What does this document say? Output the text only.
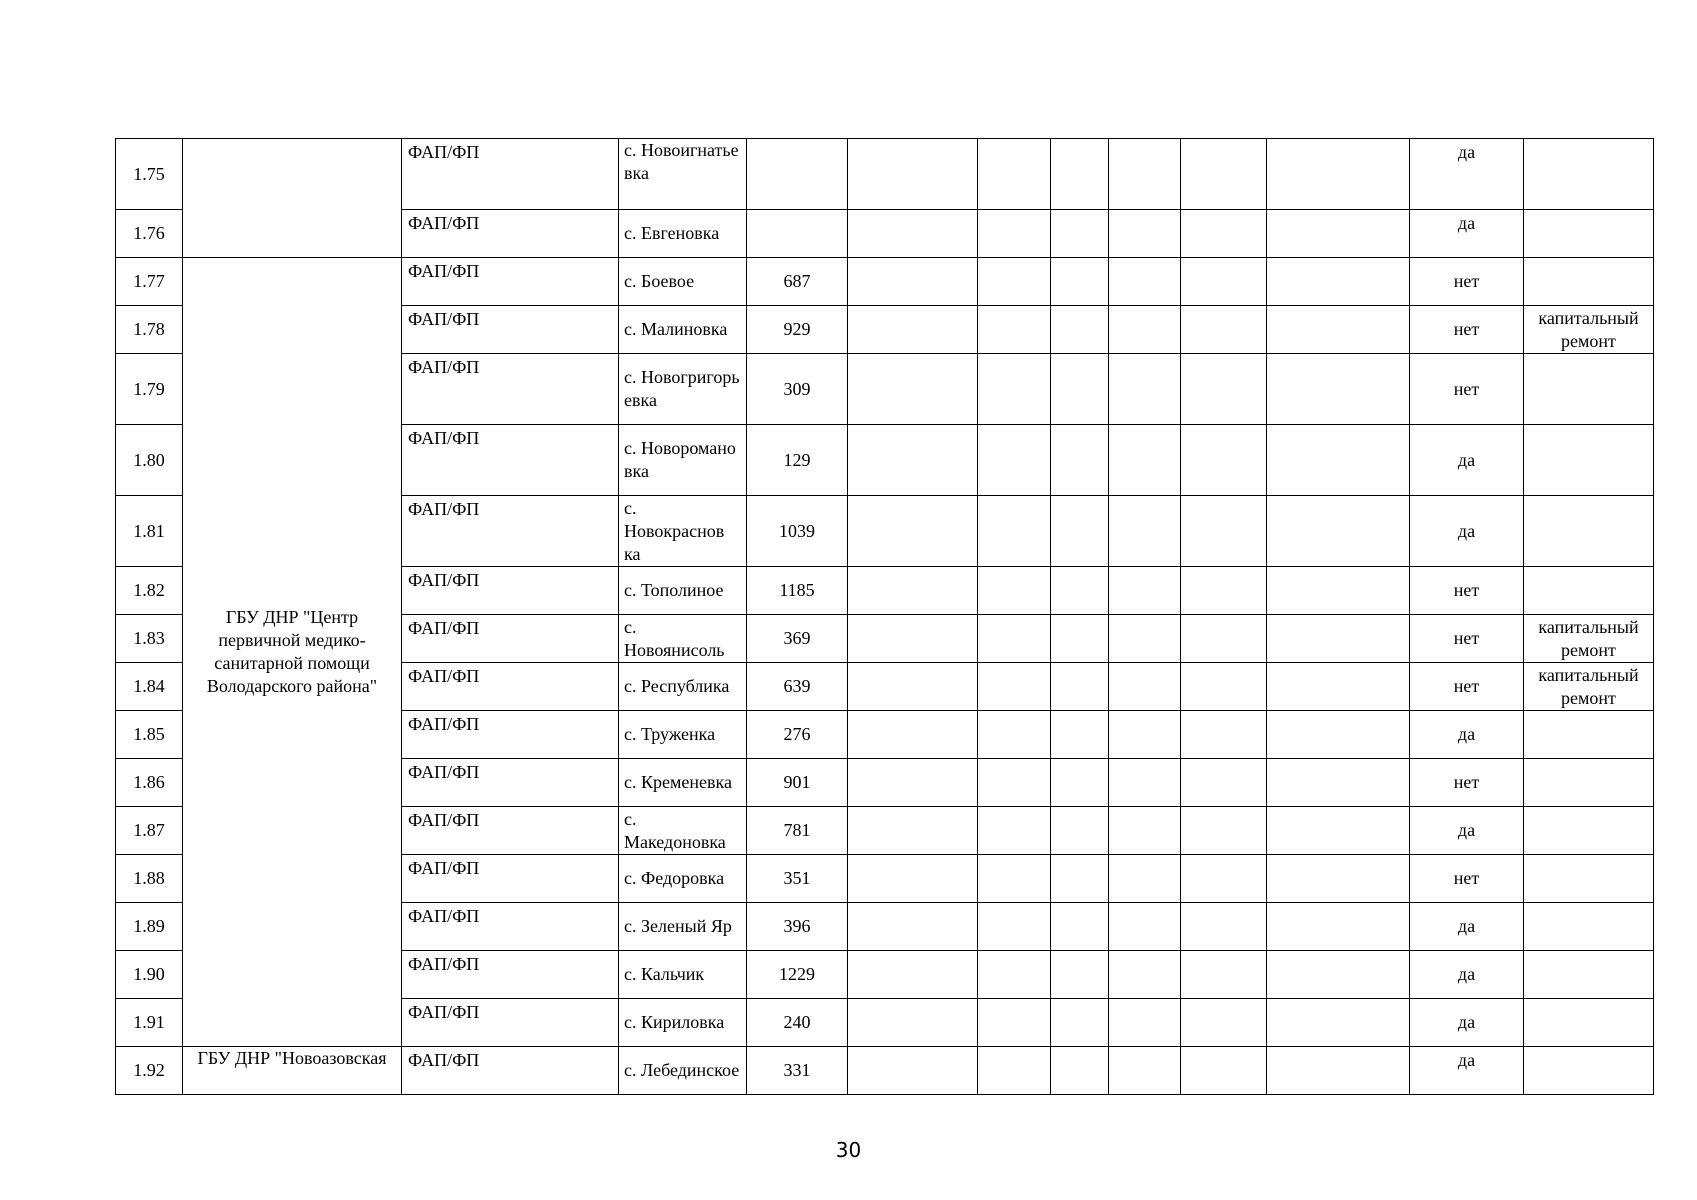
1.75		ФАП/ФП	с. Новоигнатье вка								да	
1.76		ФАП/ФП	с. Евгеновка								да	
1.77	ГБУ ДНР "Центр первичной медико-санитарной помощи Володарского района"	ФАП/ФП	с. Боевое	687							нет	
1.78		ФАП/ФП	с. Малиновка	929							нет	капитальный ремонт
1.79		ФАП/ФП	с. Новогригорь евка	309							нет	
1.80		ФАП/ФП	с. Новороманo вка	129							да	
1.81		ФАП/ФП	с. Новокраснов ка	1039							да	
1.82		ФАП/ФП	с. Тополиное	1185							нет	
1.83		ФАП/ФП	с. Новоянисоль	369							нет	капитальный ремонт
1.84		ФАП/ФП	с. Республика	639							нет	капитальный ремонт
1.85		ФАП/ФП	с. Труженка	276							да	
1.86		ФАП/ФП	с. Кременевка	901							нет	
1.87		ФАП/ФП	с. Македоновка	781							да	
1.88		ФАП/ФП	с. Федоровка	351							нет	
1.89		ФАП/ФП	с. Зеленый Яр	396							да	
1.90		ФАП/ФП	с. Кальчик	1229							да	
1.91		ФАП/ФП	с. Кириловка	240							да	
1.92	ГБУ ДНР "Новоазовская	ФАП/ФП	с. Лебединское	331							да	
30
